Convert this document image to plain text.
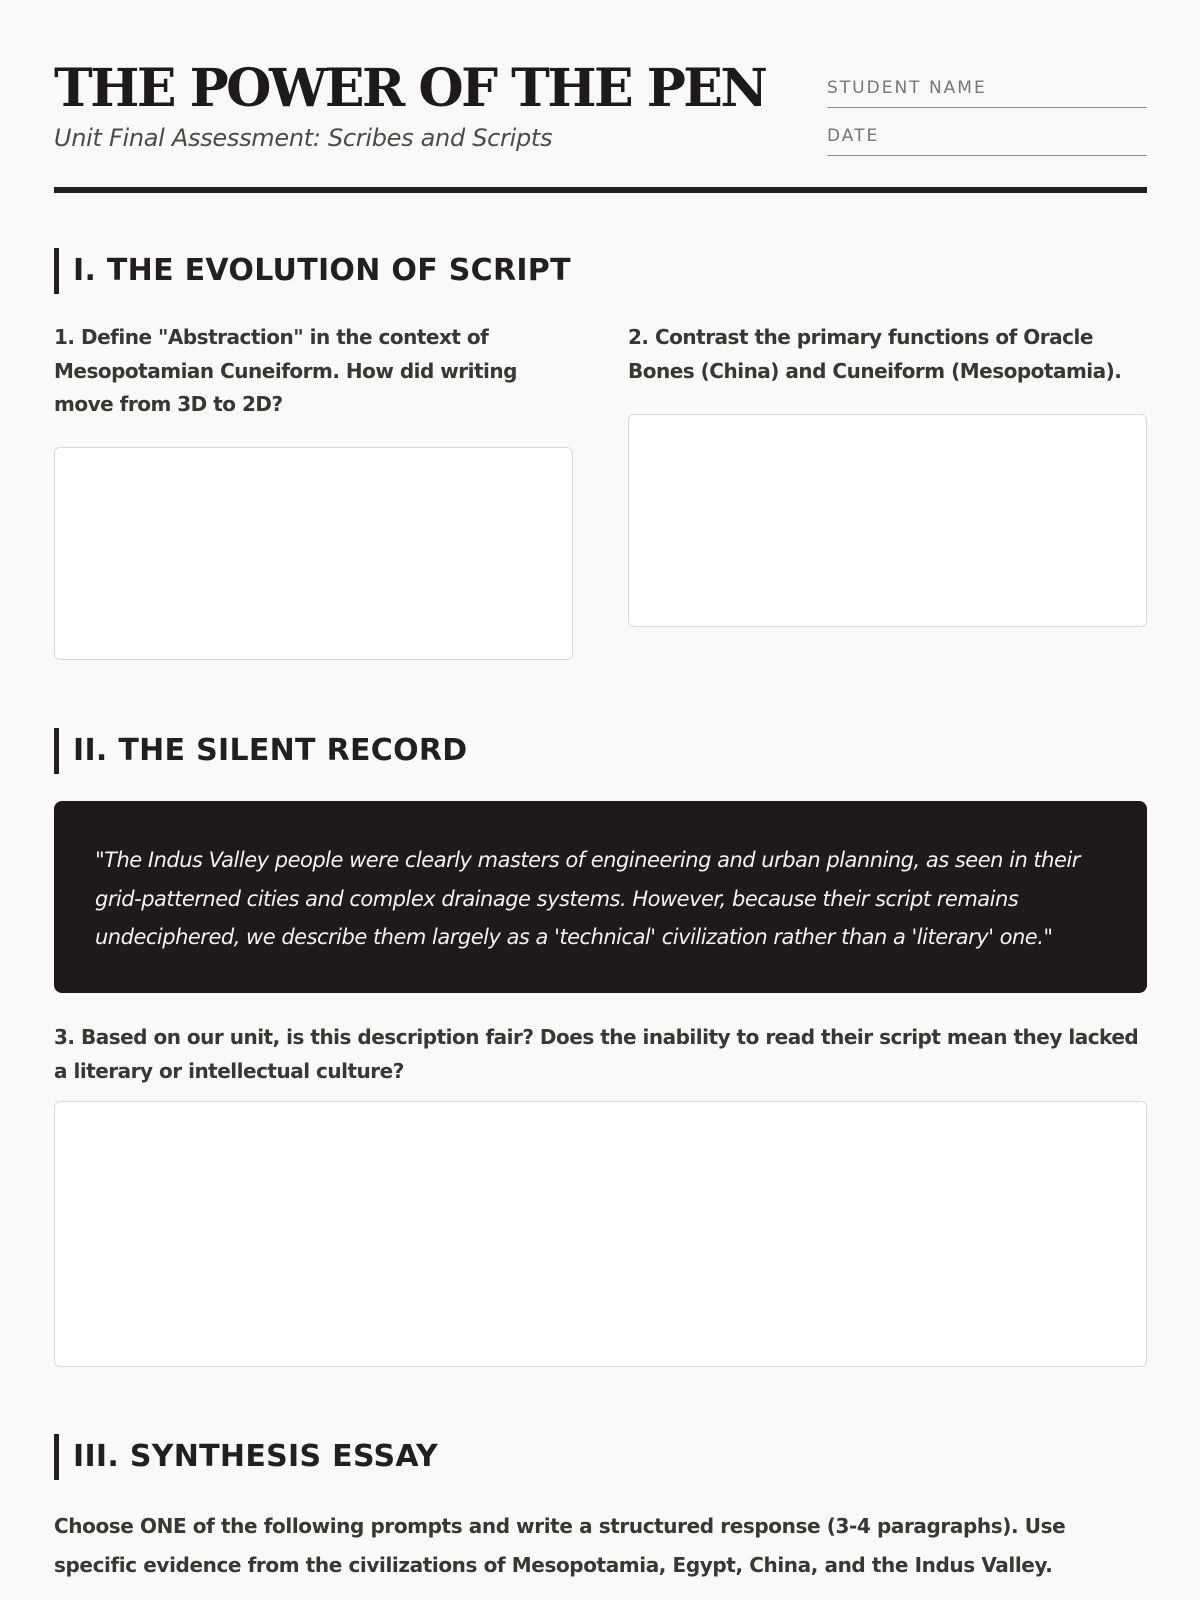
THE POWER OF THE PEN

Unit Final Assessment: Scribes and Scripts

STUDENT NAME
DATE
I. THE EVOLUTION OF SCRIPT

1. Define "Abstraction" in the context of Mesopotamian Cuneiform. How did writing move from 3D to 2D?

2. Contrast the primary functions of Oracle Bones (China) and Cuneiform (Mesopotamia).

II. THE SILENT RECORD

"The Indus Valley people were clearly masters of engineering and urban planning, as seen in their grid-patterned cities and complex drainage systems. However, because their script remains undeciphered, we describe them largely as a 'technical' civilization rather than a 'literary' one."

3. Based on our unit, is this description fair? Does the inability to read their script mean they lacked a literary or intellectual culture?

III. SYNTHESIS ESSAY

Choose ONE of the following prompts and write a structured response (3-4 paragraphs). Use specific evidence from the civilizations of Mesopotamia, Egypt, China, and the Indus Valley.
